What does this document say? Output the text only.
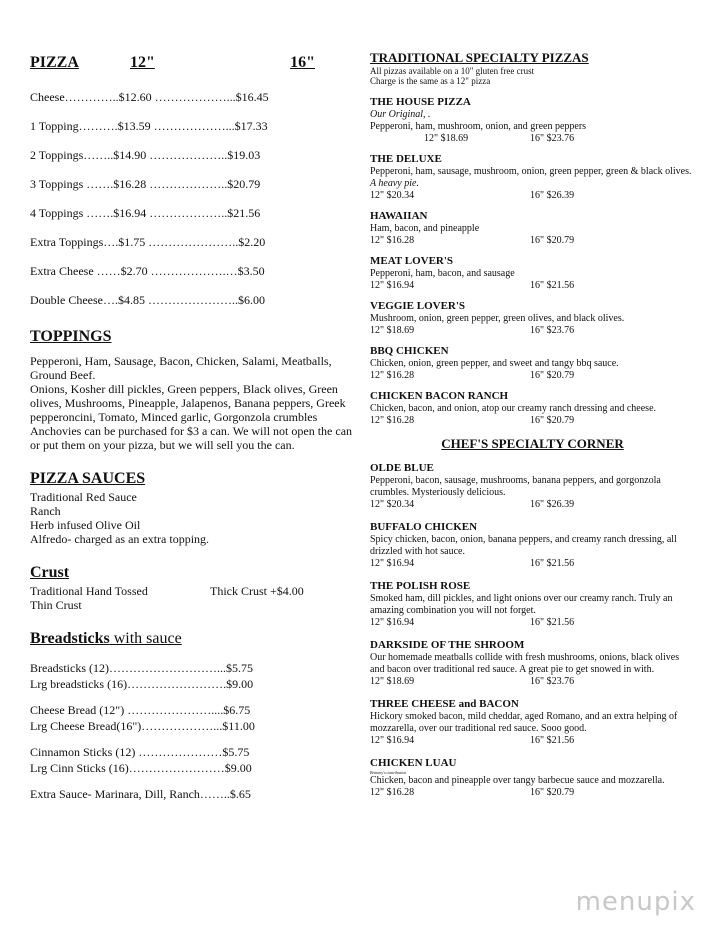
PIZZA	12"	16"
Cheese…………..$12.60 ………………...$16.45
1 Topping……….$13.59 ………………...$17.33
2 Toppings……..$14.90 ………………..$19.03
3 Toppings …….$16.28 ………………..$20.79
4 Toppings …….$16.94 ………………..$21.56
Extra Toppings….$1.75 …………………..$2.20
Extra Cheese ……$2.70 ……………….…$3.50
Double Cheese….$4.85 …………………..$6.00
TOPPINGS
Pepperoni, Ham, Sausage, Bacon, Chicken, Salami, Meatballs, Ground Beef.
Onions, Kosher dill pickles, Green peppers, Black olives, Green olives, Mushrooms, Pineapple, Jalapenos, Banana peppers, Greek pepperoncini, Tomato, Minced garlic, Gorgonzola crumbles
Anchovies can be purchased for $3 a can. We will not open the can or put them on your pizza, but we will sell you the can.
PIZZA SAUCES
Traditional Red Sauce
Ranch
Herb infused Olive Oil
Alfredo- charged as an extra topping.
Crust
Traditional Hand Tossed	Thick Crust +$4.00
Thin Crust
Breadsticks with sauce
Breadsticks (12)………………………...$5.75
Lrg breadsticks (16)…………………….$9.00
Cheese Bread (12") …………………....$6.75
Lrg Cheese Bread(16")………………...$11.00
Cinnamon Sticks (12) …………………$5.75
Lrg Cinn Sticks (16)……………………$9.00
Extra Sauce- Marinara, Dill, Ranch……..$.65
TRADITIONAL SPECIALTY PIZZAS
All pizzas available on a 10" gluten free crust
Charge is the same as a 12" pizza
THE HOUSE PIZZA
Our Original, .
Pepperoni, ham, mushroom, onion, and green peppers
12" $18.69	16" $23.76
THE DELUXE
Pepperoni, ham, sausage, mushroom, onion, green pepper, green & black olives. A heavy pie.
12" $20.34	16" $26.39
HAWAIIAN
Ham, bacon, and pineapple
12" $16.28	16" $20.79
MEAT LOVER'S
Pepperoni, ham, bacon, and sausage
12" $16.94	16" $21.56
VEGGIE LOVER'S
Mushroom, onion, green pepper, green olives, and black olives.
12" $18.69	16" $23.76
BBQ CHICKEN
Chicken, onion, green pepper, and sweet and tangy bbq sauce.
12" $16.28	16" $20.79
CHICKEN BACON RANCH
Chicken, bacon, and onion, atop our creamy ranch dressing and cheese.
12" $16.28	16" $20.79
CHEF'S SPECIALTY CORNER
OLDE BLUE
Pepperoni, bacon, sausage, mushrooms, banana peppers, and gorgonzola crumbles. Mysteriously delicious.
12" $20.34	16" $26.39
BUFFALO CHICKEN
Spicy chicken, bacon, onion, banana peppers, and creamy ranch dressing, all drizzled with hot sauce.
12" $16.94	16" $21.56
THE POLISH ROSE
Smoked ham, dill pickles, and light onions over our creamy ranch. Truly an amazing combination you will not forget.
12" $16.94	16" $21.56
DARKSIDE OF THE SHROOM
Our homemade meatballs collide with fresh mushrooms, onions, black olives and bacon over traditional red sauce. A great pie to get snowed in with.
12" $18.69	16" $23.76
THREE CHEESE and BACON
Hickory smoked bacon, mild cheddar, aged Romano, and an extra helping of mozzarella, over our traditional red sauce. Sooo good.
12" $16.94	16" $21.56
CHICKEN LUAU
Brittany's contribution
Chicken, bacon and pineapple over tangy barbecue sauce and mozzarella.
12" $16.28	16" $20.79
menupix
